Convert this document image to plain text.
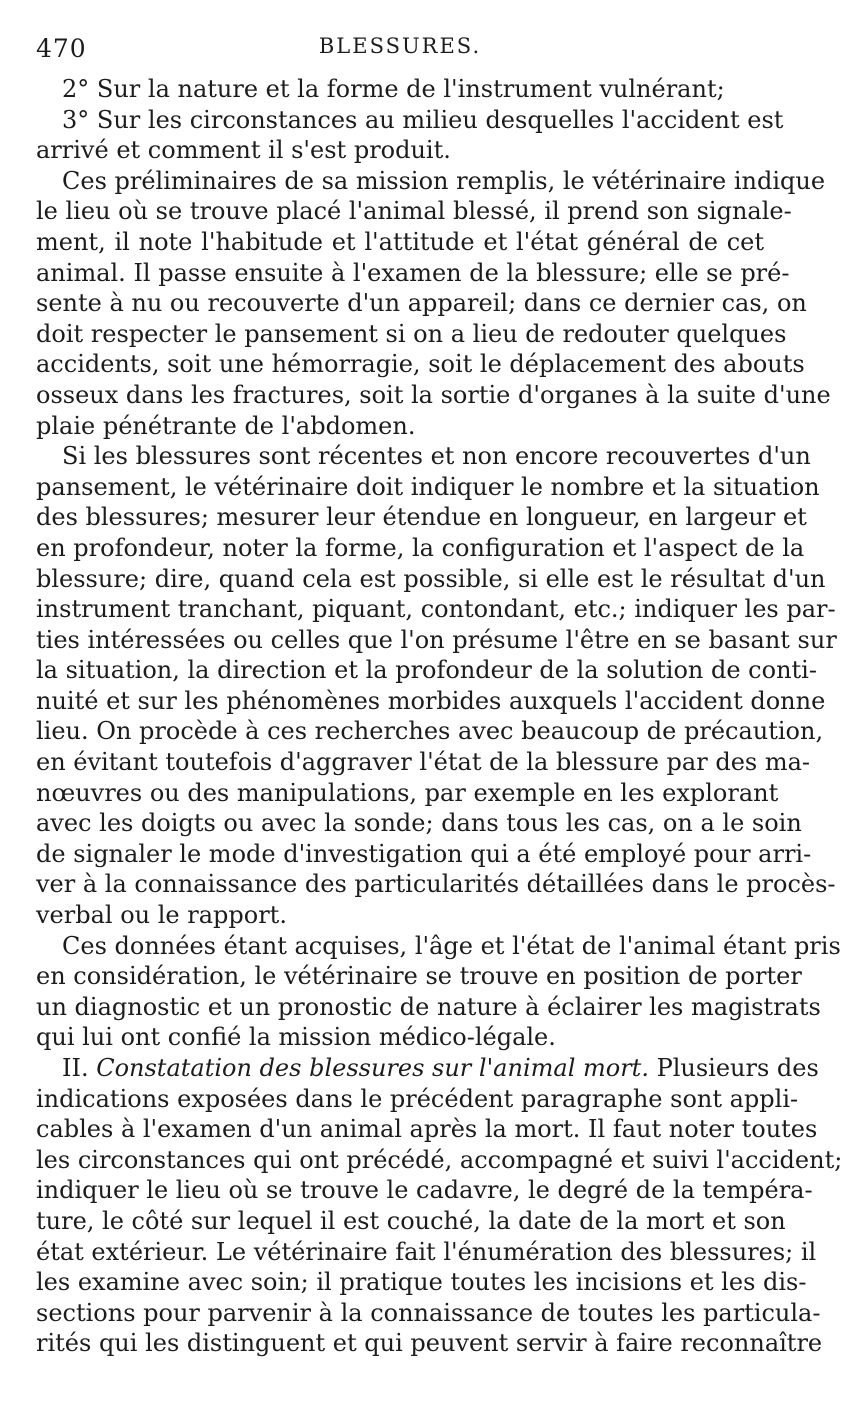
470	BLESSURES.
2° Sur la nature et la forme de l'instrument vulnérant;
3° Sur les circonstances au milieu desquelles l'accident est
arrivé et comment il s'est produit.
Ces préliminaires de sa mission remplis, le vétérinaire indique
le lieu où se trouve placé l'animal blessé, il prend son signale-
ment, il note l'habitude et l'attitude et l'état général de cet
animal. Il passe ensuite à l'examen de la blessure; elle se pré-
sente à nu ou recouverte d'un appareil; dans ce dernier cas, on
doit respecter le pansement si on a lieu de redouter quelques
accidents, soit une hémorragie, soit le déplacement des abouts
osseux dans les fractures, soit la sortie d'organes à la suite d'une
plaie pénétrante de l'abdomen.
Si les blessures sont récentes et non encore recouvertes d'un
pansement, le vétérinaire doit indiquer le nombre et la situation
des blessures; mesurer leur étendue en longueur, en largeur et
en profondeur, noter la forme, la configuration et l'aspect de la
blessure; dire, quand cela est possible, si elle est le résultat d'un
instrument tranchant, piquant, contondant, etc.; indiquer les par-
ties intéressées ou celles que l'on présume l'être en se basant sur
la situation, la direction et la profondeur de la solution de conti-
nuité et sur les phénomènes morbides auxquels l'accident donne
lieu. On procède à ces recherches avec beaucoup de précaution,
en évitant toutefois d'aggraver l'état de la blessure par des ma-
nœuvres ou des manipulations, par exemple en les explorant
avec les doigts ou avec la sonde; dans tous les cas, on a le soin
de signaler le mode d'investigation qui a été employé pour arri-
ver à la connaissance des particularités détaillées dans le procès-
verbal ou le rapport.
Ces données étant acquises, l'âge et l'état de l'animal étant pris
en considération, le vétérinaire se trouve en position de porter
un diagnostic et un pronostic de nature à éclairer les magistrats
qui lui ont confié la mission médico-légale.
II. Constatation des blessures sur l'animal mort. Plusieurs des
indications exposées dans le précédent paragraphe sont appli-
cables à l'examen d'un animal après la mort. Il faut noter toutes
les circonstances qui ont précédé, accompagné et suivi l'accident;
indiquer le lieu où se trouve le cadavre, le degré de la tempéra-
ture, le côté sur lequel il est couché, la date de la mort et son
état extérieur. Le vétérinaire fait l'énumération des blessures; il
les examine avec soin; il pratique toutes les incisions et les dis-
sections pour parvenir à la connaissance de toutes les particula-
rités qui les distinguent et qui peuvent servir à faire reconnaître
